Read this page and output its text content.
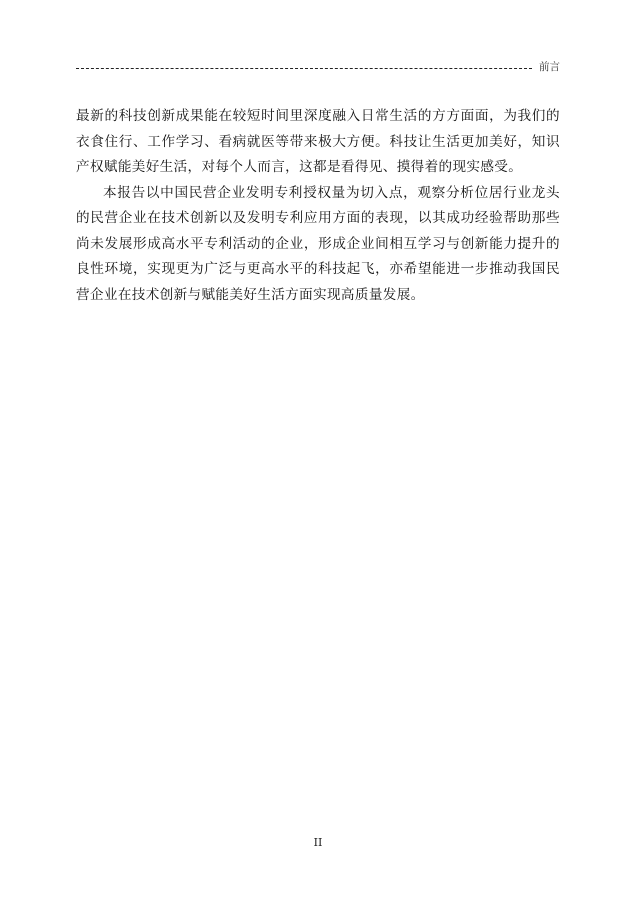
前言

最新的科技创新成果能在较短时间里深度融入日常生活的方方面面，为我们的衣食住行、工作学习、看病就医等带来极大方便。科技让生活更加美好，知识产权赋能美好生活，对每个人而言，这都是看得见、摸得着的现实感受。

本报告以中国民营企业发明专利授权量为切入点，观察分析位居行业龙头的民营企业在技术创新以及发明专利应用方面的表现，以其成功经验帮助那些尚未发展形成高水平专利活动的企业，形成企业间相互学习与创新能力提升的良性环境，实现更为广泛与更高水平的科技起飞，亦希望能进一步推动我国民营企业在技术创新与赋能美好生活方面实现高质量发展。

II
